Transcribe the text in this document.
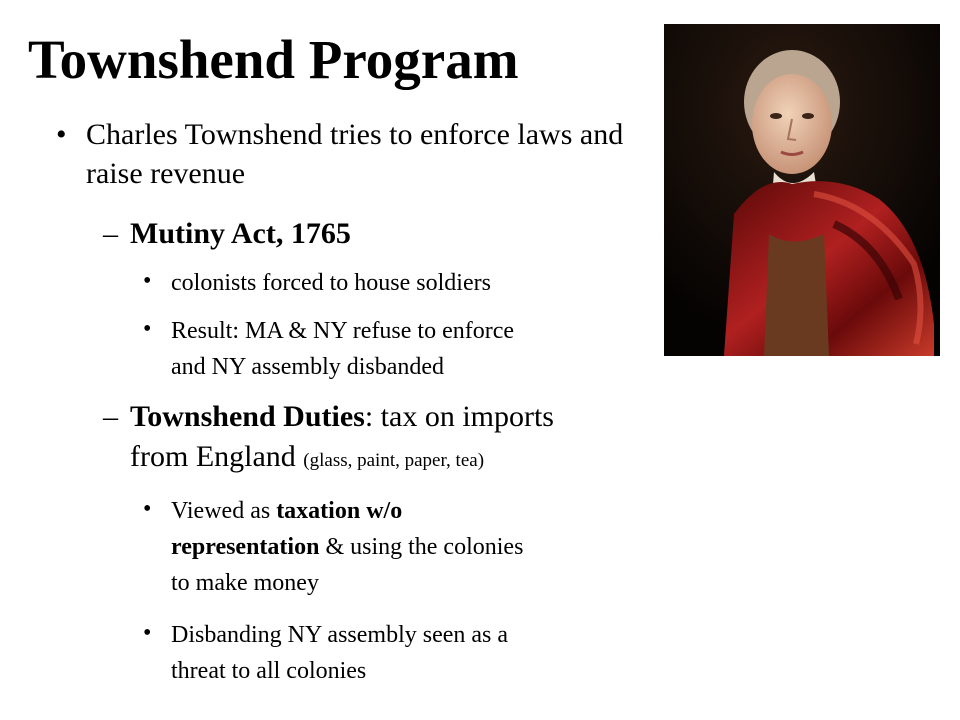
Townshend Program
• Charles Townshend tries to enforce laws and raise revenue
– Mutiny Act, 1765
• colonists forced to house soldiers
• Result: MA & NY refuse to enforce
and NY assembly disbanded
– Townshend Duties: tax on imports
from England (glass, paint, paper, tea)
• Viewed as taxation w/o
representation & using the colonies
to make money
• Disbanding NY assembly seen as a
threat to all colonies
